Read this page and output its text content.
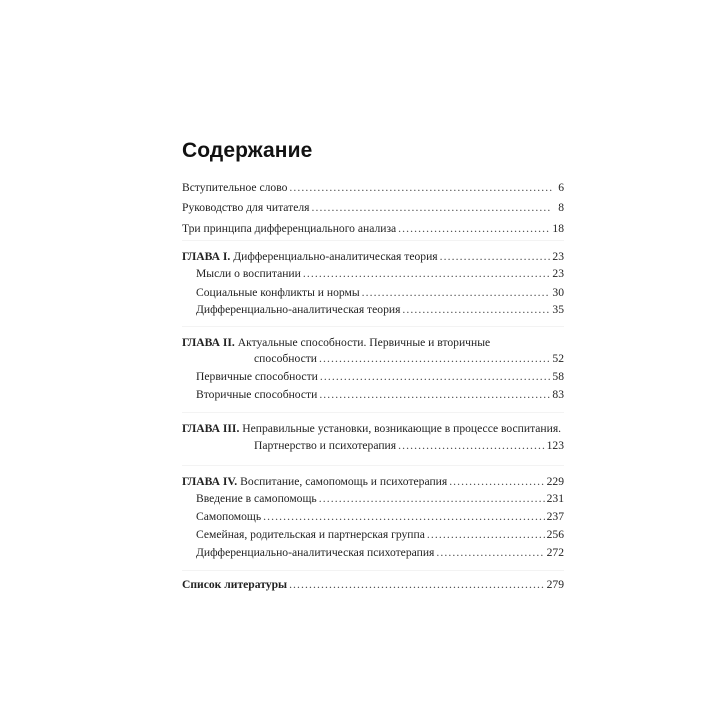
Содержание
Вступительное слово .....	6
Руководство для читателя .....	8
Три принципа дифференциального анализа .....	18
ГЛАВА I. Дифференциально-аналитическая теория .....	23
Мысли о воспитании .....	23
Социальные конфликты и нормы .....	30
Дифференциально-аналитическая теория .....	35
ГЛАВА II. Актуальные способности. Первичные и вторичные
способности .....	52
Первичные способности .....	58
Вторичные способности .....	83
ГЛАВА III. Неправильные установки, возникающие в процессе воспитания.
Партнерство и психотерапия .....	123
ГЛАВА IV. Воспитание, самопомощь и психотерапия .....	229
Введение в самопомощь .....	231
Самопомощь .....	237
Семейная, родительская и партнерская группа .....	256
Дифференциально-аналитическая психотерапия .....	272
Список литературы .....	279
